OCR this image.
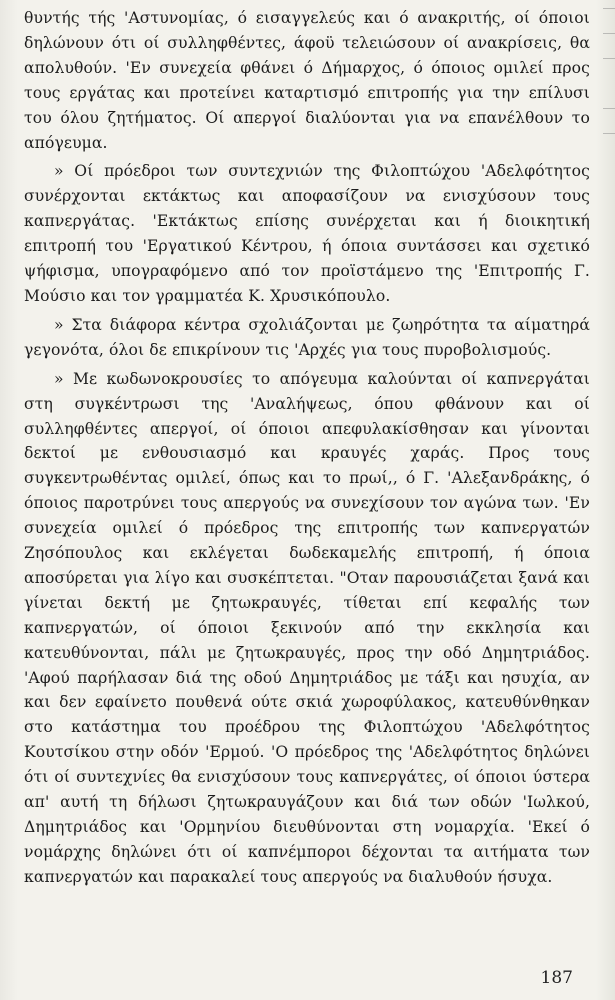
θυντής τής 'Αστυνομίας, ό εισαγγελεύς και ό ανακριτής, οί όποιοι δηλώνουν ότι οί συλληφθέντες, άφοϋ τελειώσουν οί ανακρίσεις, θα απολυθούν. 'Εν συνεχεία φθάνει ό Δήμαρχος, ό όποιος ομιλεί προς τους εργάτας και προτείνει καταρτισμό επιτροπής για την επίλυσι του όλου ζητήματος. Οί απεργοί διαλύονται για να επανέλθουν το απόγευμα.

» Οί πρόεδροι των συντεχνιών της Φιλοπτώχου 'Αδελφότητος συνέρχονται εκτάκτως και αποφασίζουν να ενισχύσουν τους καπνεργάτας. 'Εκτάκτως επίσης συνέρχεται και ή διοικητική επιτροπή του 'Εργατικού Κέντρου, ή όποια συντάσσει και σχετικό ψήφισμα, υπογραφόμενο από τον προϊστάμενο της 'Επιτροπής Γ. Μούσιο και τον γραμματέα Κ. Χρυσικόπουλο.

» Στα διάφορα κέντρα σχολιάζονται με ζωηρότητα τα αίματηρά γεγονότα, όλοι δε επικρίνουν τις 'Αρχές για τους πυροβολισμούς.

» Με κωδωνοκρουσίες το απόγευμα καλούνται οί καπνεργάται στη συγκέντρωσι της 'Αναλήψεως, όπου φθάνουν και οί συλληφθέντες απεργοί, οί όποιοι απεφυλακίσθησαν και γίνονται δεκτοί με ενθουσιασμό και κραυγές χαράς. Προς τους συγκεντρωθέντας ομιλεί, όπως και το πρωί,, ό Γ. 'Αλεξανδράκης, ό όποιος παροτρύνει τους απεργούς να συνεχίσουν τον αγώνα των. 'Εν συνεχεία ομιλεί ό πρόεδρος της επιτροπής των καπνεργατών Ζησόπουλος και εκλέγεται δωδεκαμελής επιτροπή, ή όποια αποσύρεται για λίγο και συσκέπτεται. "Οταν παρουσιάζεται ξανά και γίνεται δεκτή με ζητωκραυγές, τίθεται επί κεφαλής των καπνεργατών, οί όποιοι ξεκινούν από την εκκλησία και κατευθύνονται, πάλι με ζητωκραυγές, προς την οδό Δημητριάδος. 'Αφού παρήλασαν διά της οδού Δημητριάδος με τάξι και ησυχία, αν και δεν εφαίνετο πουθενά ούτε σκιά χωροφύλακος, κατευθύνθηκαν στο κατάστημα του προέδρου της Φιλοπτώχου 'Αδελφότητος Κουτσίκου στην οδόν 'Ερμού. 'Ο πρόεδρος της 'Αδελφότητος δηλώνει ότι οί συντεχνίες θα ενισχύσουν τους καπνεργάτες, οί όποιοι ύστερα απ' αυτή τη δήλωσι ζητωκραυγάζουν και διά των οδών 'Ιωλκού, Δημητριάδος και 'Ορμηνίου διευθύνονται στη νομαρχία. 'Εκεί ό νομάρχης δηλώνει ότι οί καπνέμποροι δέχονται τα αιτήματα των καπνεργατών και παρακαλεί τους απεργούς να διαλυθούν ήσυχα.

187
